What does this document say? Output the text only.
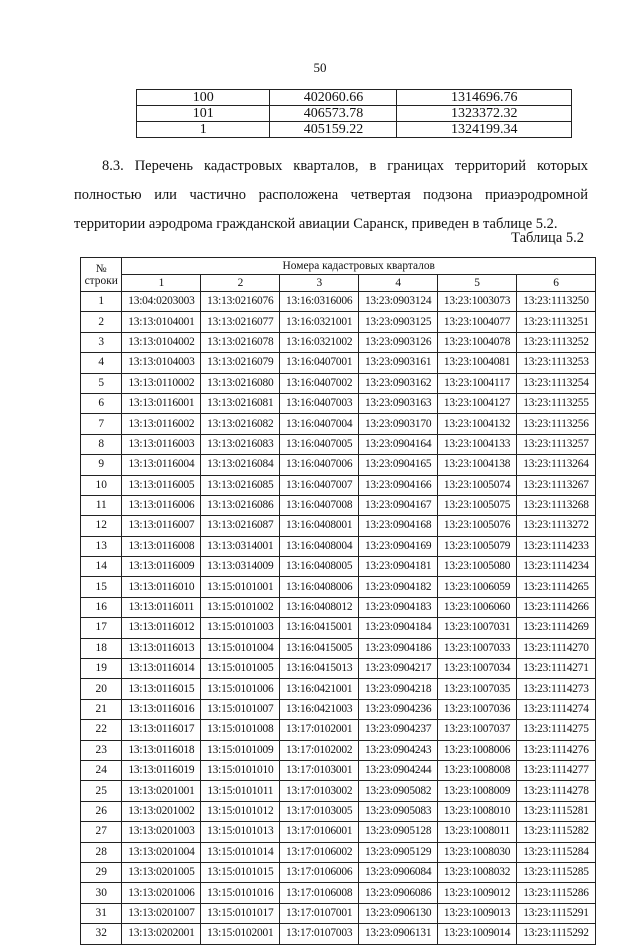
50
100	402060.66	1314696.76
101	406573.78	1323372.32
1	405159.22	1324199.34
8.3. Перечень кадастровых кварталов, в границах территорий которых
полностью или частично расположена четвертая подзона приаэродромной
территории аэродрома гражданской авиации Саранск, приведен в таблице 5.2.
Таблица 5.2
№
строки	Номера кадастровых кварталов					
	1	2	3	4	5	6
1	13:04:0203003	13:13:0216076	13:16:0316006	13:23:0903124	13:23:1003073	13:23:1113250
2	13:13:0104001	13:13:0216077	13:16:0321001	13:23:0903125	13:23:1004077	13:23:1113251
3	13:13:0104002	13:13:0216078	13:16:0321002	13:23:0903126	13:23:1004078	13:23:1113252
4	13:13:0104003	13:13:0216079	13:16:0407001	13:23:0903161	13:23:1004081	13:23:1113253
5	13:13:0110002	13:13:0216080	13:16:0407002	13:23:0903162	13:23:1004117	13:23:1113254
6	13:13:0116001	13:13:0216081	13:16:0407003	13:23:0903163	13:23:1004127	13:23:1113255
7	13:13:0116002	13:13:0216082	13:16:0407004	13:23:0903170	13:23:1004132	13:23:1113256
8	13:13:0116003	13:13:0216083	13:16:0407005	13:23:0904164	13:23:1004133	13:23:1113257
9	13:13:0116004	13:13:0216084	13:16:0407006	13:23:0904165	13:23:1004138	13:23:1113264
10	13:13:0116005	13:13:0216085	13:16:0407007	13:23:0904166	13:23:1005074	13:23:1113267
11	13:13:0116006	13:13:0216086	13:16:0407008	13:23:0904167	13:23:1005075	13:23:1113268
12	13:13:0116007	13:13:0216087	13:16:0408001	13:23:0904168	13:23:1005076	13:23:1113272
13	13:13:0116008	13:13:0314001	13:16:0408004	13:23:0904169	13:23:1005079	13:23:1114233
14	13:13:0116009	13:13:0314009	13:16:0408005	13:23:0904181	13:23:1005080	13:23:1114234
15	13:13:0116010	13:15:0101001	13:16:0408006	13:23:0904182	13:23:1006059	13:23:1114265
16	13:13:0116011	13:15:0101002	13:16:0408012	13:23:0904183	13:23:1006060	13:23:1114266
17	13:13:0116012	13:15:0101003	13:16:0415001	13:23:0904184	13:23:1007031	13:23:1114269
18	13:13:0116013	13:15:0101004	13:16:0415005	13:23:0904186	13:23:1007033	13:23:1114270
19	13:13:0116014	13:15:0101005	13:16:0415013	13:23:0904217	13:23:1007034	13:23:1114271
20	13:13:0116015	13:15:0101006	13:16:0421001	13:23:0904218	13:23:1007035	13:23:1114273
21	13:13:0116016	13:15:0101007	13:16:0421003	13:23:0904236	13:23:1007036	13:23:1114274
22	13:13:0116017	13:15:0101008	13:17:0102001	13:23:0904237	13:23:1007037	13:23:1114275
23	13:13:0116018	13:15:0101009	13:17:0102002	13:23:0904243	13:23:1008006	13:23:1114276
24	13:13:0116019	13:15:0101010	13:17:0103001	13:23:0904244	13:23:1008008	13:23:1114277
25	13:13:0201001	13:15:0101011	13:17:0103002	13:23:0905082	13:23:1008009	13:23:1114278
26	13:13:0201002	13:15:0101012	13:17:0103005	13:23:0905083	13:23:1008010	13:23:1115281
27	13:13:0201003	13:15:0101013	13:17:0106001	13:23:0905128	13:23:1008011	13:23:1115282
28	13:13:0201004	13:15:0101014	13:17:0106002	13:23:0905129	13:23:1008030	13:23:1115284
29	13:13:0201005	13:15:0101015	13:17:0106006	13:23:0906084	13:23:1008032	13:23:1115285
30	13:13:0201006	13:15:0101016	13:17:0106008	13:23:0906086	13:23:1009012	13:23:1115286
31	13:13:0201007	13:15:0101017	13:17:0107001	13:23:0906130	13:23:1009013	13:23:1115291
32	13:13:0202001	13:15:0102001	13:17:0107003	13:23:0906131	13:23:1009014	13:23:1115292
